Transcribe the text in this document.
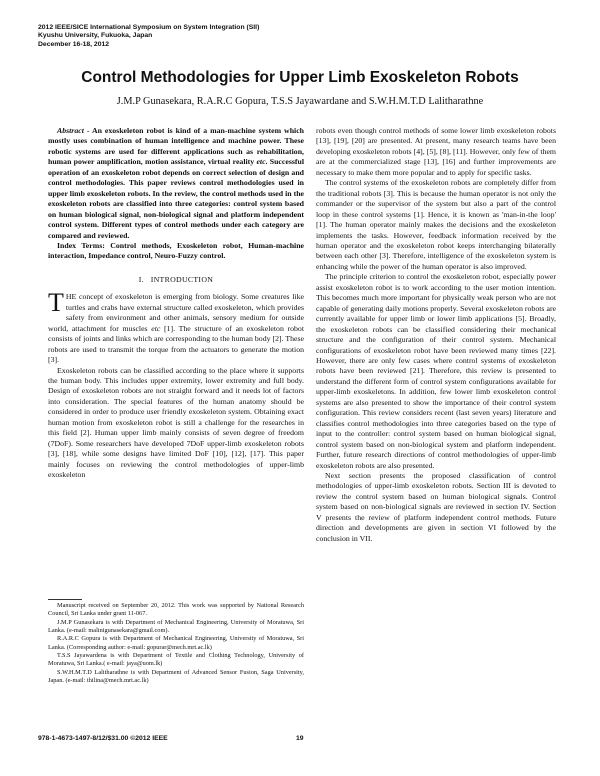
2012 IEEE/SICE International Symposium on System Integration (SII)
Kyushu University, Fukuoka, Japan
December 16-18, 2012
Control Methodologies for Upper Limb Exoskeleton Robots
J.M.P Gunasekara, R.A.R.C Gopura, T.S.S Jayawardane and S.W.H.M.T.D Lalitharathne

Abstract - An exoskeleton robot is kind of a man-machine system which mostly uses combination of human intelligence and machine power. These robotic systems are used for different applications such as rehabilitation, human power amplification, motion assistance, virtual reality etc. Successful operation of an exoskeleton robot depends on correct selection of design and control methodologies. This paper reviews control methodologies used in upper limb exoskeleton robots. In the review, the control methods used in the exoskeleton robots are classified into three categories: control system based on human biological signal, non-biological signal and platform independent control system. Different types of control methods under each category are compared and reviewed.

Index Terms: Control methods, Exoskeleton robot, Human-machine interaction, Impedance control, Neuro-Fuzzy control.

I.   INTRODUCTION

THE concept of exoskeleton is emerging from biology. Some creatures like turtles and crabs have external structure called exoskeleton, which provides safety from environment and other animals, sensory medium for outside world, attachment for muscles etc [1]. The structure of an exoskeleton robot consists of joints and links which are corresponding to the human body [2]. These robots are used to transmit the torque from the actuators to generate the motion [3].

Exoskeleton robots can be classified according to the place where it supports the human body. This includes upper extremity, lower extremity and full body. Design of exoskeleton robots are not straight forward and it needs lot of factors into consideration. The special features of the human anatomy should be considered in order to produce user friendly exoskeleton system. Obtaining exact human motion from exoskeleton robot is still a challenge for the researches in this field [2]. Human upper limb mainly consists of seven degree of freedom (7DoF). Some researchers have developed 7DoF upper-limb exoskeleton robots [3], [18], while some designs have limited DoF [10], [12], [17]. This paper mainly focuses on reviewing the control methodologies of upper-limb exoskeleton

Manuscript received on September 20, 2012. This work was supported by National Research Council, Sri Lanka under grant 11-067.

J.M.P Gunasekara is with Department of Mechanical Engineering, University of Moratuwa, Sri Lanka. (e-mail: malinigunasekara@gmail.com).

R.A.R.C Gopura is with Department of Mechanical Engineering, University of Moratuwa, Sri Lanka. (Corresponding author: e-mail: gopurar@mech.mrt.ac.lk)

T.S.S Jayawardena is with Department of Textile and Clothing Technology, University of Moratuwa, Sri Lanka.( e-mail: jaya@uom.lk)

S.W.H.M.T.D Lalitharathne is with Department of Advanced Sensor Fusion, Saga University, Japan. (e-mail: thilina@mech.mrt.ac.lk)

robots even though control methods of some lower limb exoskeleton robots [13], [19], [20] are presented. At present, many research teams have been developing exoskeleton robots [4], [5], [8], [11]. However, only few of them are at the commercialized stage [13], [16] and further improvements are necessary to make them more popular and to apply for specific tasks.

The control systems of the exoskeleton robots are completely differ from the traditional robots [3]. This is because the human operator is not only the commander or the supervisor of the system but also a part of the control loop in these control systems [1]. Hence, it is known as 'man-in-the loop' [1]. The human operator mainly makes the decisions and the exoskeleton implements the tasks. However, feedback information received by the human operator and the exoskeleton robot keeps interchanging bilaterally between each other [3]. Therefore, intelligence of the exoskeleton system is enhancing while the power of the human operator is also improved.

The principle criterion to control the exoskeleton robot, especially power assist exoskeleton robot is to work according to the user motion intention. This becomes much more important for physically weak person who are not capable of generating daily motions properly. Several exoskeleton robots are currently available for upper limb or lower limb applications [5]. Broadly, the exoskeleton robots can be classified considering their mechanical structure and the configuration of their control system. Mechanical configurations of exoskeleton robot have been reviewed many times [22]. However, there are only few cases where control systems of exoskeleton robots have been reviewed [21]. Therefore, this review is presented to understand the different form of control system configurations available for upper-limb exoskeletons. In addition, few lower limb exoskeleton control systems are also presented to show the importance of their control system configuration. This review considers recent (last seven years) literature and classifies control methodologies into three categories based on the type of input to the controller: control system based on human biological signal, control system based on non-biological system and platform independent. Further, future research directions of control methodologies of upper-limb exoskeleton robots are also presented.

Next section presents the proposed classification of control methodologies of upper-limb exoskeleton robots. Section III is devoted to review the control system based on human biological signals. Control system based on non-biological signals are reviewed in section IV. Section V presents the review of platform independent control methods. Future direction and developments are given in section VI followed by the conclusion in VII.

978-1-4673-1497-8/12/$31.00 ©2012 IEEE	19
